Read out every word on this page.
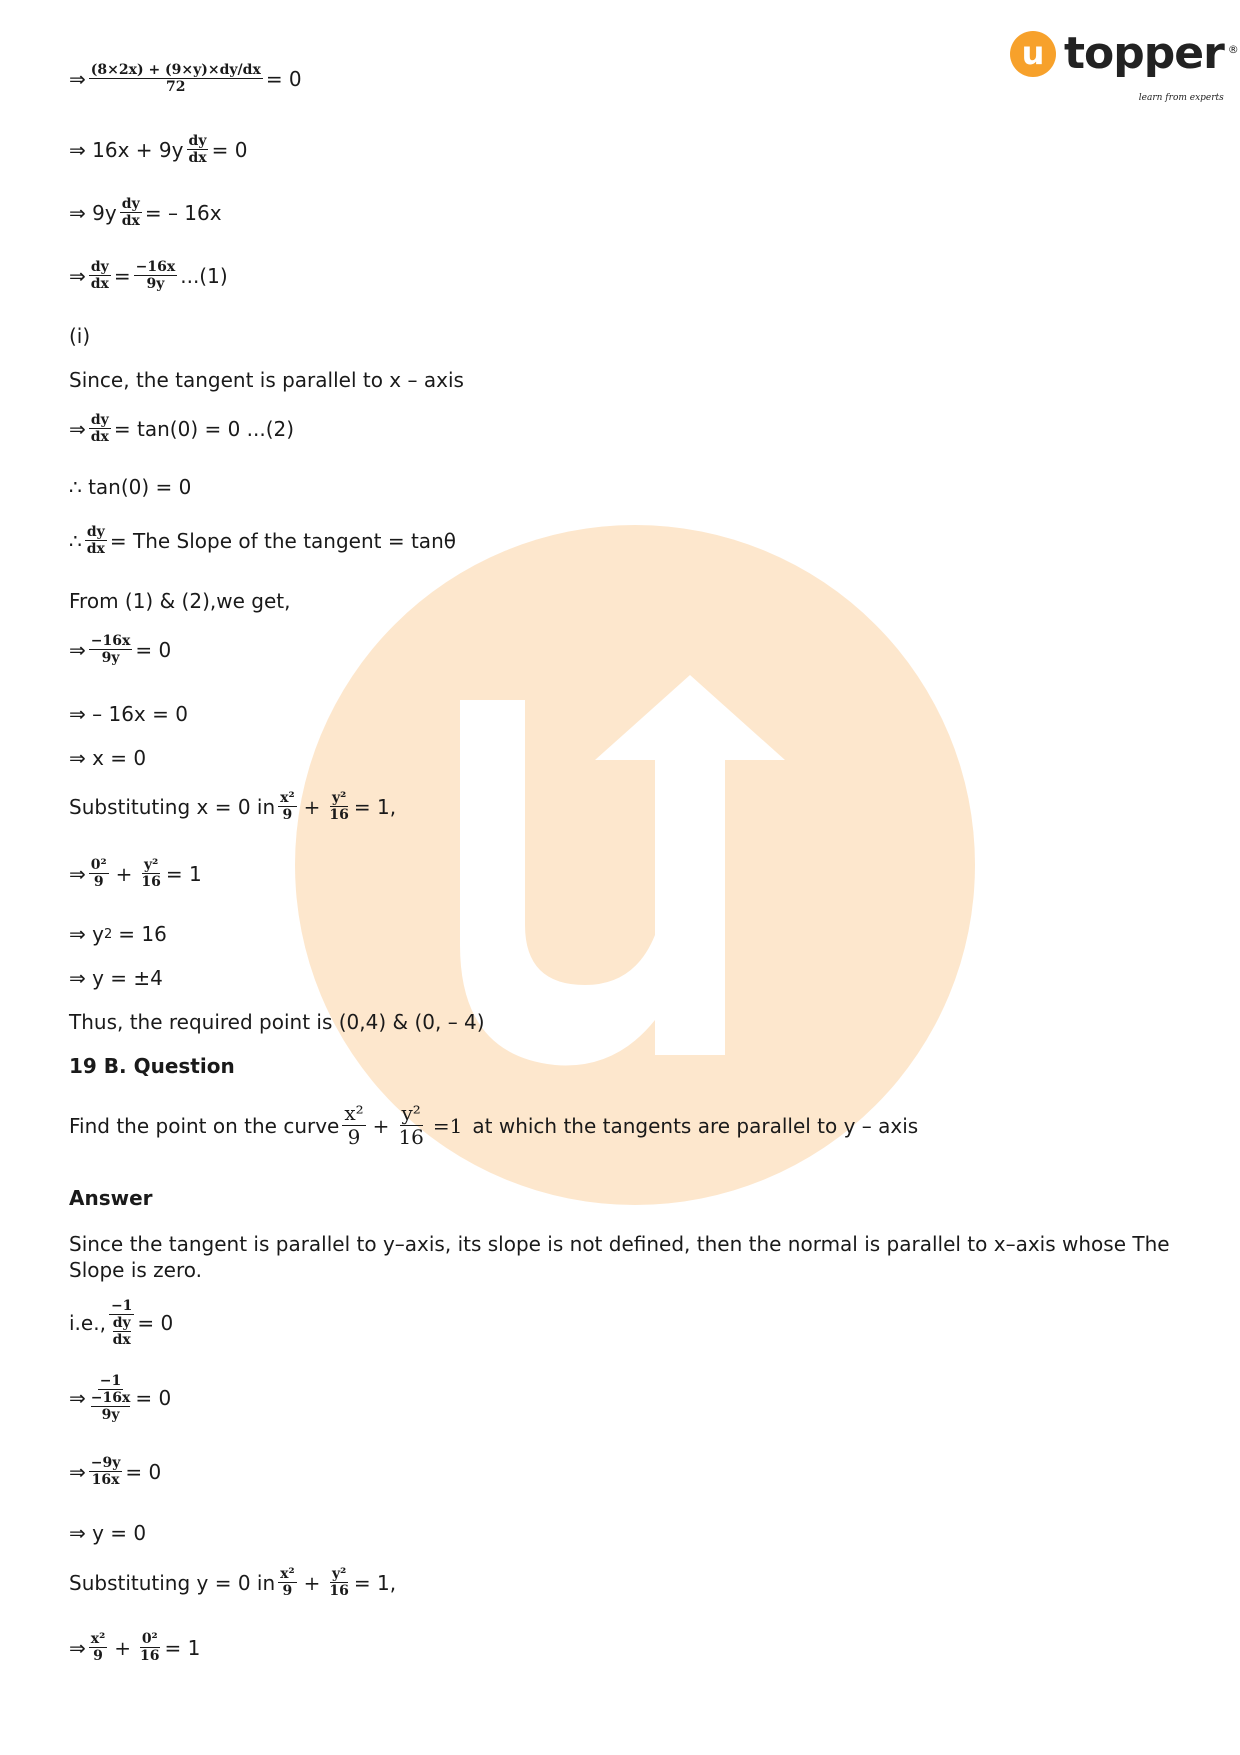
u topper ®
learn from experts
⇒ $\frac{(8\times 2x) + (9\times y)\times dy/dx}{72} = 0$
⇒ $16x + 9y \frac{dy}{dx} = 0$
⇒ $9y \frac{dy}{dx}$ = – 16x
⇒ $\frac{dy}{dx} = \frac{-16x}{9y} ...(1)$
(i)
Since, the tangent is parallel to x – axis
⇒ $\frac{dy}{dx} = \tan(0) = 0$ ...(2)
∴ tan(0) = 0
∴ $\frac{dy}{dx}$ = The Slope of the tangent = tanθ
From (1) & (2),we get,
⇒ $\frac{-16x}{9y} = 0$
⇒ – 16x = 0
⇒ x = 0
Substituting x = 0 in $\frac{\text{x²}}{9} + \frac{\text{y²}}{16} = 1$,
⇒ $\frac{\text{0²}}{9} + \frac{\text{y²}}{16} = 1$
⇒ y 2 = 16
⇒ y = ±4
Thus, the required point is (0,4) & (0, – 4)
19 B. Question
Find the point on the curve $\frac{\text{x²}}{9} + \frac{\text{y²}}{16} =1$ at which the tangents are parallel to y – axis
Answer
Since the tangent is parallel to y–axis, its slope is not defined, then the normal is parallel to x–axis whose The Slope is zero.
i.e., −1
dy
dx = 0
⇒ −1
−16x
9y = 0
⇒ $\frac{-9y}{16x} = 0$
⇒ y = 0
Substituting y = 0 in $\frac{\text{x²}}{9} + \frac{\text{y²}}{16} = 1$,
⇒ $\frac{\text{x²}}{9} + \frac{\text{0²}}{16} = 1$
